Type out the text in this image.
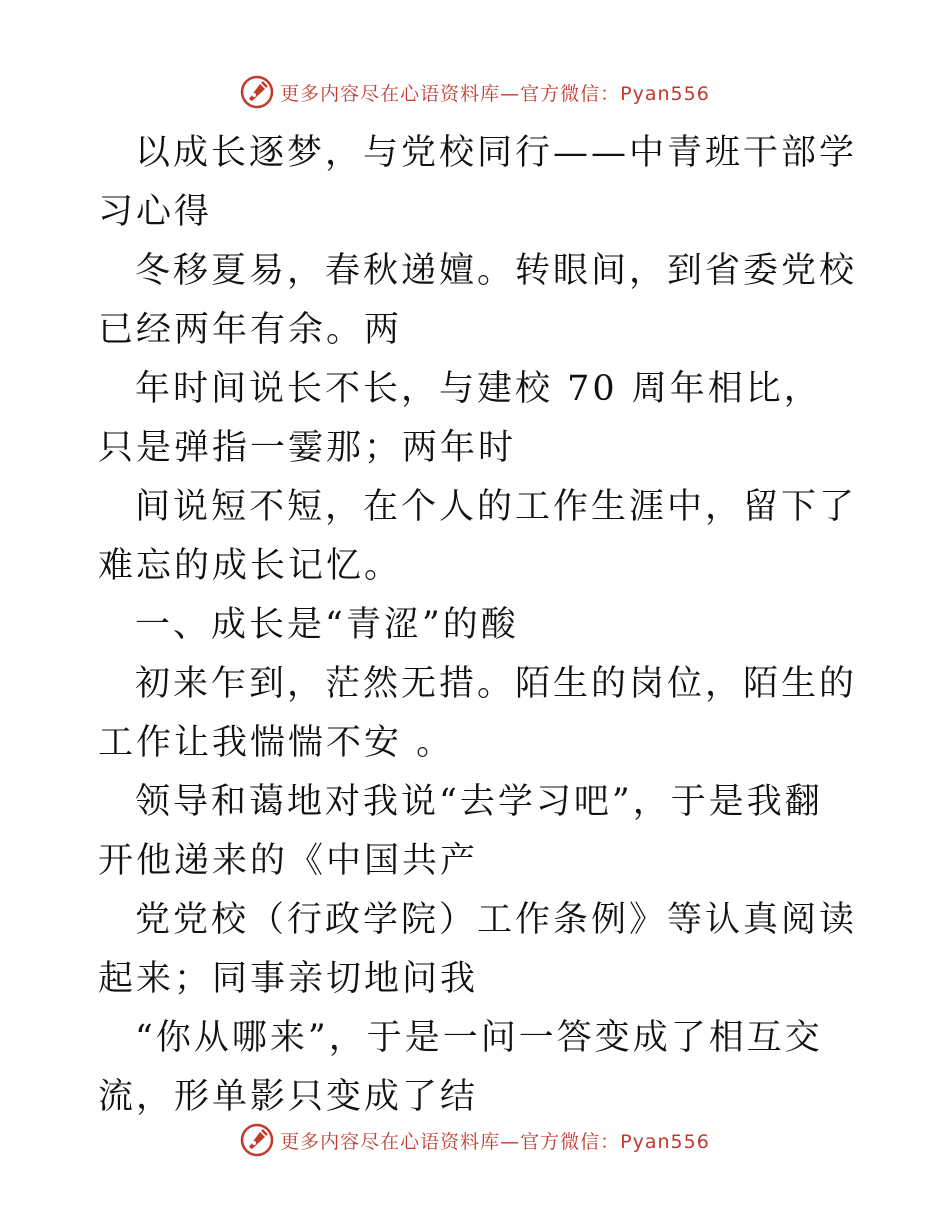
更多内容尽在心语资料库—官方微信：Pyan556

以成长逐梦，与党校同行——中青班干部学习心得

冬移夏易，春秋递嬗。转眼间，到省委党校已经两年有余。两

年时间说长不长，与建校 70 周年相比，只是弹指一霎那；两年时

间说短不短，在个人的工作生涯中，留下了难忘的成长记忆。

一、成长是“青涩”的酸

初来乍到，茫然无措。陌生的岗位，陌生的工作让我惴惴不安 。

领导和蔼地对我说“去学习吧”，于是我翻开他递来的《中国共产

党党校（行政学院）工作条例》等认真阅读起来；同事亲切地问我

“你从哪来”，于是一问一答变成了相互交流，形单影只变成了结

更多内容尽在心语资料库—官方微信：Pyan556
